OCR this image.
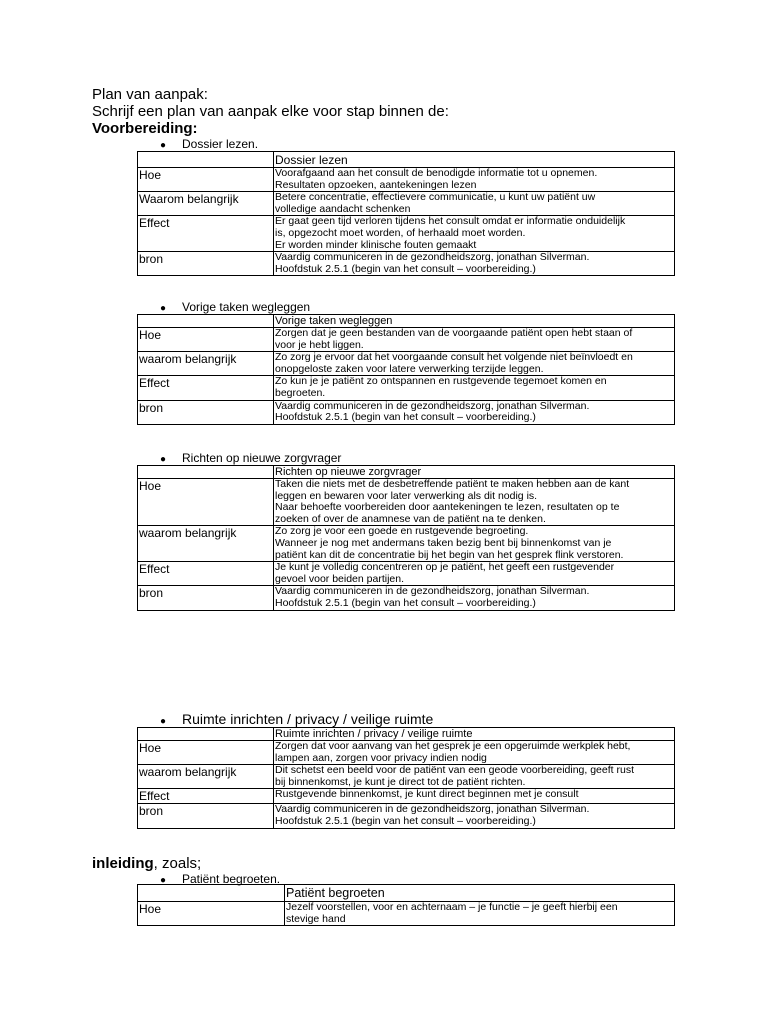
Plan van aanpak:
Schrijf een plan van aanpak elke voor stap binnen de:
Voorbereiding:
● Dossier lezen.
	Dossier lezen
Hoe	Voorafgaand aan het consult de benodigde informatie tot u opnemen.
Resultaten opzoeken, aantekeningen lezen

Waarom belangrijk	Betere concentratie, effectievere communicatie, u kunt uw patiënt uw
volledige aandacht schenken

Effect	Er gaat geen tijd verloren tijdens het consult omdat er informatie onduidelijk
is, opgezocht moet worden, of herhaald moet worden.
Er worden minder klinische fouten gemaakt

bron	Vaardig communiceren in de gezondheidszorg, jonathan Silverman.
Hoofdstuk 2.5.1 (begin van het consult – voorbereiding.)
● Vorige taken wegleggen
	Vorige taken wegleggen
Hoe	Zorgen dat je geen bestanden van de voorgaande patiënt open hebt staan of
voor je hebt liggen.

waarom belangrijk	Zo zorg je ervoor dat het voorgaande consult het volgende niet beïnvloedt en
onopgeloste zaken voor latere verwerking terzijde leggen.

Effect	Zo kun je je patiënt zo ontspannen en rustgevende tegemoet komen en
begroeten.

bron	Vaardig communiceren in de gezondheidszorg, jonathan Silverman.
Hoofdstuk 2.5.1 (begin van het consult – voorbereiding.)
● Richten op nieuwe zorgvrager
	Richten op nieuwe zorgvrager
Hoe	Taken die niets met de desbetreffende patiënt te maken hebben aan de kant
leggen en bewaren voor later verwerking als dit nodig is.
Naar behoefte voorbereiden door aantekeningen te lezen, resultaten op te
zoeken of over de anamnese van de patiënt na te denken.

waarom belangrijk	Zo zorg je voor een goede en rustgevende begroeting.
Wanneer je nog met andermans taken bezig bent bij binnenkomst van je
patiënt kan dit de concentratie bij het begin van het gesprek flink verstoren.

Effect	Je kunt je volledig concentreren op je patiënt, het geeft een rustgevender
gevoel voor beiden partijen.

bron	Vaardig communiceren in de gezondheidszorg, jonathan Silverman.
Hoofdstuk 2.5.1 (begin van het consult – voorbereiding.)
● Ruimte inrichten / privacy / veilige ruimte
	Ruimte inrichten / privacy / veilige ruimte
Hoe	Zorgen dat voor aanvang van het gesprek je een opgeruimde werkplek hebt,
lampen aan, zorgen voor privacy indien nodig

waarom belangrijk	Dit schetst een beeld voor de patiënt van een geode voorbereiding, geeft rust
bij binnenkomst, je kunt je direct tot de patiënt richten.

Effect	Rustgevende binnenkomst, je kunt direct beginnen met je consult

bron	Vaardig communiceren in de gezondheidszorg, jonathan Silverman.
Hoofdstuk 2.5.1 (begin van het consult – voorbereiding.)
inleiding, zoals;
● Patiënt begroeten.
	Patiënt begroeten
Hoe	Jezelf voorstellen, voor en achternaam – je functie – je geeft hierbij een
stevige hand
